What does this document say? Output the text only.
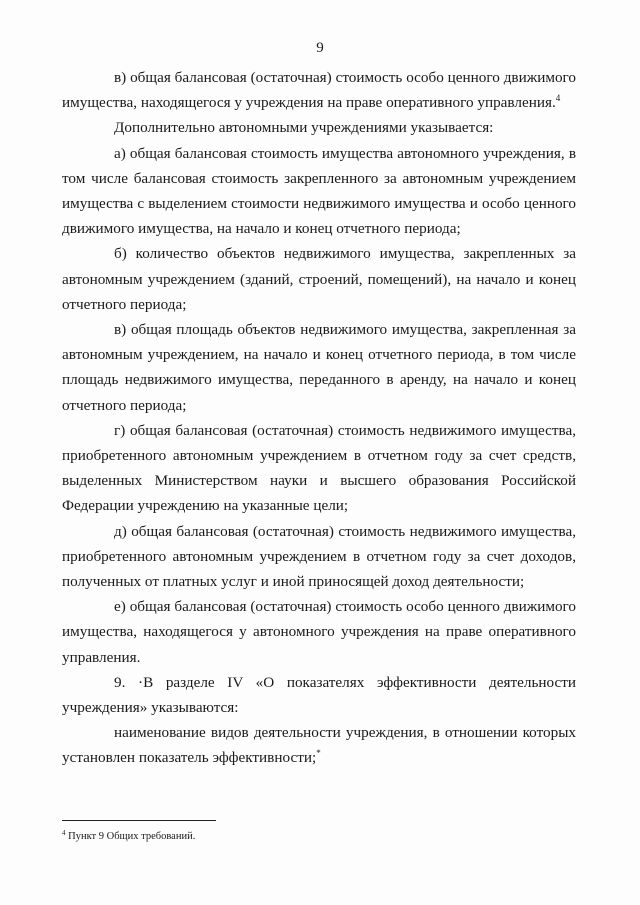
9

в) общая балансовая (остаточная) стоимость особо ценного движимого имущества, находящегося у учреждения на праве оперативного управления.$^4$

Дополнительно автономными учреждениями указывается:

а) общая балансовая стоимость имущества автономного учреждения, в том числе балансовая стоимость закрепленного за автономным учреждением имущества с выделением стоимости недвижимого имущества и особо ценного движимого имущества, на начало и конец отчетного периода;

б) количество объектов недвижимого имущества, закрепленных за автономным учреждением (зданий, строений, помещений), на начало и конец отчетного периода;

в) общая площадь объектов недвижимого имущества, закрепленная за автономным учреждением, на начало и конец отчетного периода, в том числе площадь недвижимого имущества, переданного в аренду, на начало и конец отчетного периода;

г) общая балансовая (остаточная) стоимость недвижимого имущества, приобретенного автономным учреждением в отчетном году за счет средств, выделенных Министерством науки и высшего образования Российской Федерации учреждению на указанные цели;

д) общая балансовая (остаточная) стоимость недвижимого имущества, приобретенного автономным учреждением в отчетном году за счет доходов, полученных от платных услуг и иной приносящей доход деятельности;

е) общая балансовая (остаточная) стоимость особо ценного движимого имущества, находящегося у автономного учреждения на праве оперативного управления.

9. ·В разделе IV «О показателях эффективности деятельности учреждения» указываются:

наименование видов деятельности учреждения, в отношении которых установлен показатель эффективности;*

$^4$ Пункт 9 Общих требований.
